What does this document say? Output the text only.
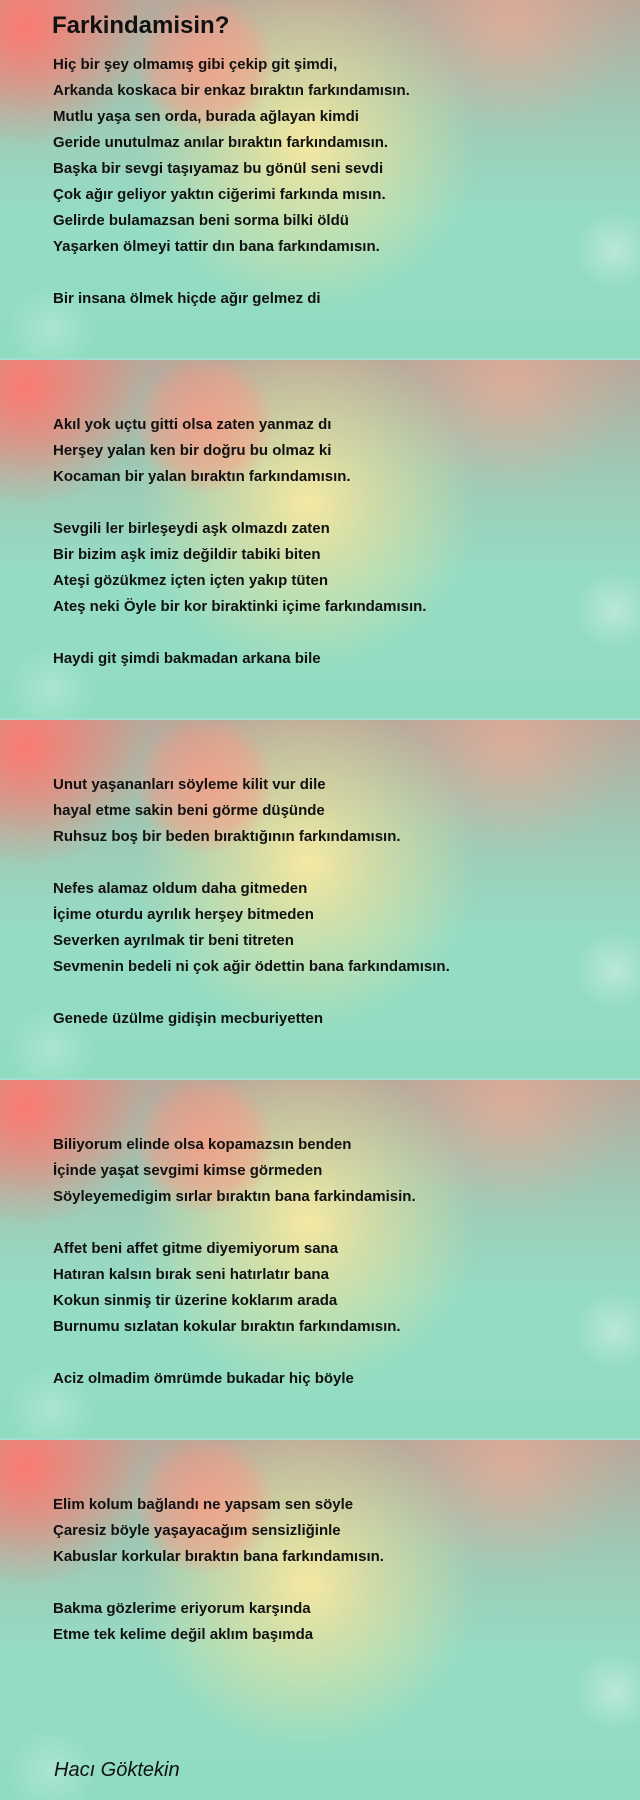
Farkindamisin?

Hiç bir şey olmamış gibi çekip git şimdi,
Arkanda koskaca bir enkaz bıraktın farkındamısın.
Mutlu yaşa sen orda, burada ağlayan kimdi
Geride unutulmaz anılar bıraktın farkındamısın.
Başka bir sevgi taşıyamaz bu gönül seni sevdi
Çok ağır geliyor yaktın ciğerimi farkında mısın.
Gelirde bulamazsan beni sorma bilki öldü
Yaşarken ölmeyi tattir dın bana farkındamısın.

Bir insana ölmek hiçde ağır gelmez di

Akıl yok uçtu gitti olsa zaten yanmaz dı
Herşey yalan ken bir doğru bu olmaz ki
Kocaman bir yalan bıraktın farkındamısın.

Sevgili ler birleşeydi aşk olmazdı zaten
Bir bizim aşk imiz değildir tabiki biten
Ateşi gözükmez içten içten yakıp tüten
Ateş neki Öyle bir kor biraktinki içime farkındamısın.

Haydi git şimdi bakmadan arkana bile

Unut yaşananları söyleme kilit vur dile
hayal etme sakin beni görme düşünde
Ruhsuz boş bir beden bıraktığının farkındamısın.

Nefes alamaz oldum daha gitmeden
İçime oturdu ayrılık herşey bitmeden
Severken ayrılmak tir beni titreten
Sevmenin bedeli ni çok ağir ödettin bana farkındamısın.

Genede üzülme gidişin mecburiyetten

Biliyorum elinde olsa kopamazsın benden
İçinde yaşat sevgimi kimse görmeden
Söyleyemedigim sırlar bıraktın bana farkindamisin.

Affet beni affet gitme diyemiyorum sana
Hatıran kalsın bırak seni hatırlatır bana
Kokun sinmiş tir üzerine koklarım arada
Burnumu sızlatan kokular bıraktın farkındamısın.

Aciz olmadim ömrümde bukadar hiç böyle

Elim kolum bağlandı ne yapsam sen söyle
Çaresiz böyle yaşayacağım sensizliğinle
Kabuslar korkular bıraktın bana farkındamısın.

Bakma gözlerime eriyorum karşında
Etme tek kelime değil aklım başımda

Hacı Göktekin
